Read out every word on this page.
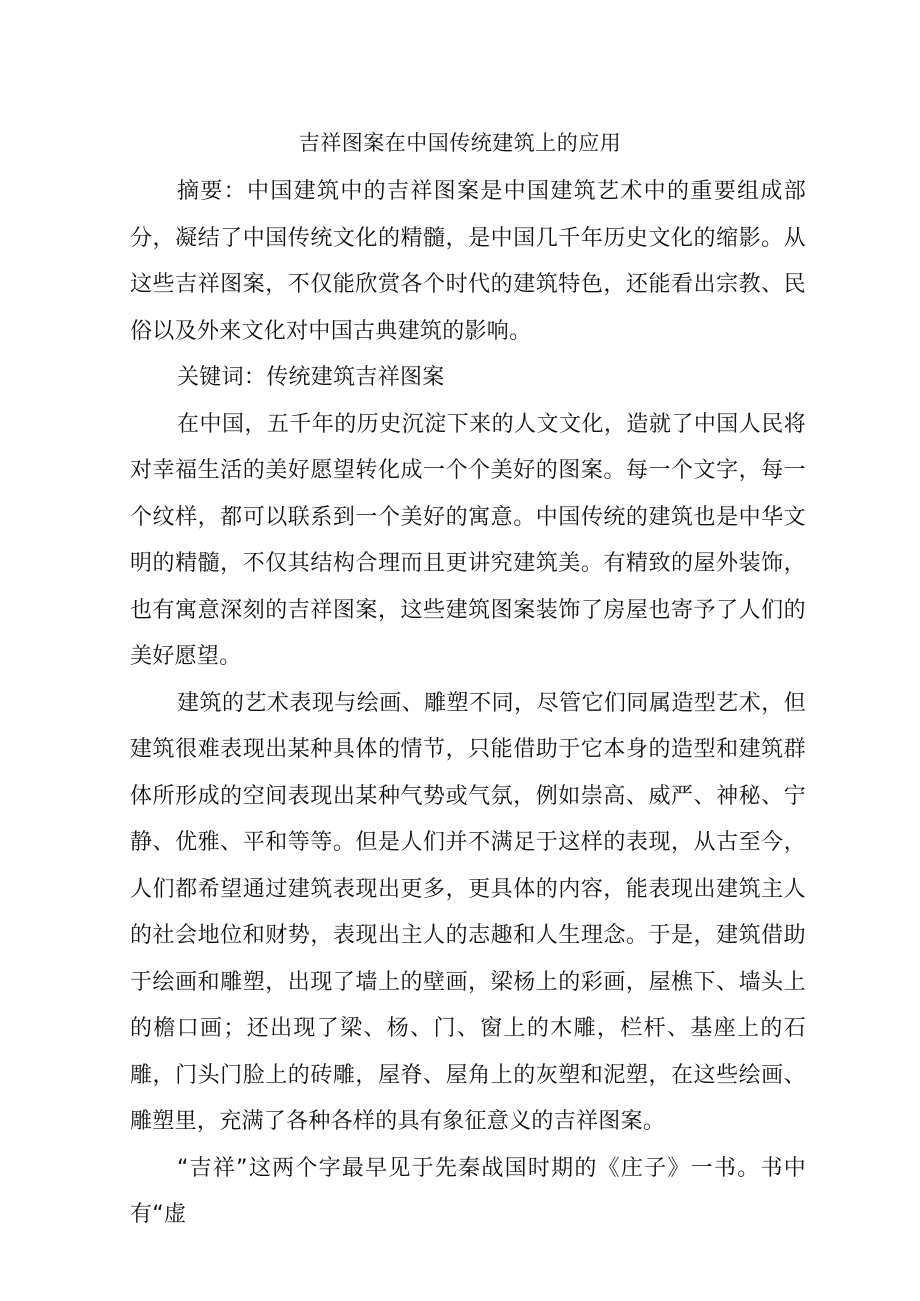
吉祥图案在中国传统建筑上的应用

摘要：中国建筑中的吉祥图案是中国建筑艺术中的重要组成部分，凝结了中国传统文化的精髓，是中国几千年历史文化的缩影。从这些吉祥图案，不仅能欣赏各个时代的建筑特色，还能看出宗教、民俗以及外来文化对中国古典建筑的影响。

关键词：传统建筑吉祥图案

在中国，五千年的历史沉淀下来的人文文化，造就了中国人民将对幸福生活的美好愿望转化成一个个美好的图案。每一个文字，每一个纹样，都可以联系到一个美好的寓意。中国传统的建筑也是中华文明的精髓，不仅其结构合理而且更讲究建筑美。有精致的屋外装饰，也有寓意深刻的吉祥图案，这些建筑图案装饰了房屋也寄予了人们的美好愿望。

建筑的艺术表现与绘画、雕塑不同，尽管它们同属造型艺术，但建筑很难表现出某种具体的情节，只能借助于它本身的造型和建筑群体所形成的空间表现出某种气势或气氛，例如崇高、威严、神秘、宁静、优雅、平和等等。但是人们并不满足于这样的表现，从古至今，人们都希望通过建筑表现出更多，更具体的内容，能表现出建筑主人的社会地位和财势，表现出主人的志趣和人生理念。于是，建筑借助于绘画和雕塑，出现了墙上的壁画，梁杨上的彩画，屋樵下、墙头上的檐口画；还出现了梁、杨、门、窗上的木雕，栏杆、基座上的石雕，门头门脸上的砖雕，屋脊、屋角上的灰塑和泥塑，在这些绘画、雕塑里，充满了各种各样的具有象征意义的吉祥图案。

“吉祥”这两个字最早见于先秦战国时期的《庄子》一书。书中有“虚
